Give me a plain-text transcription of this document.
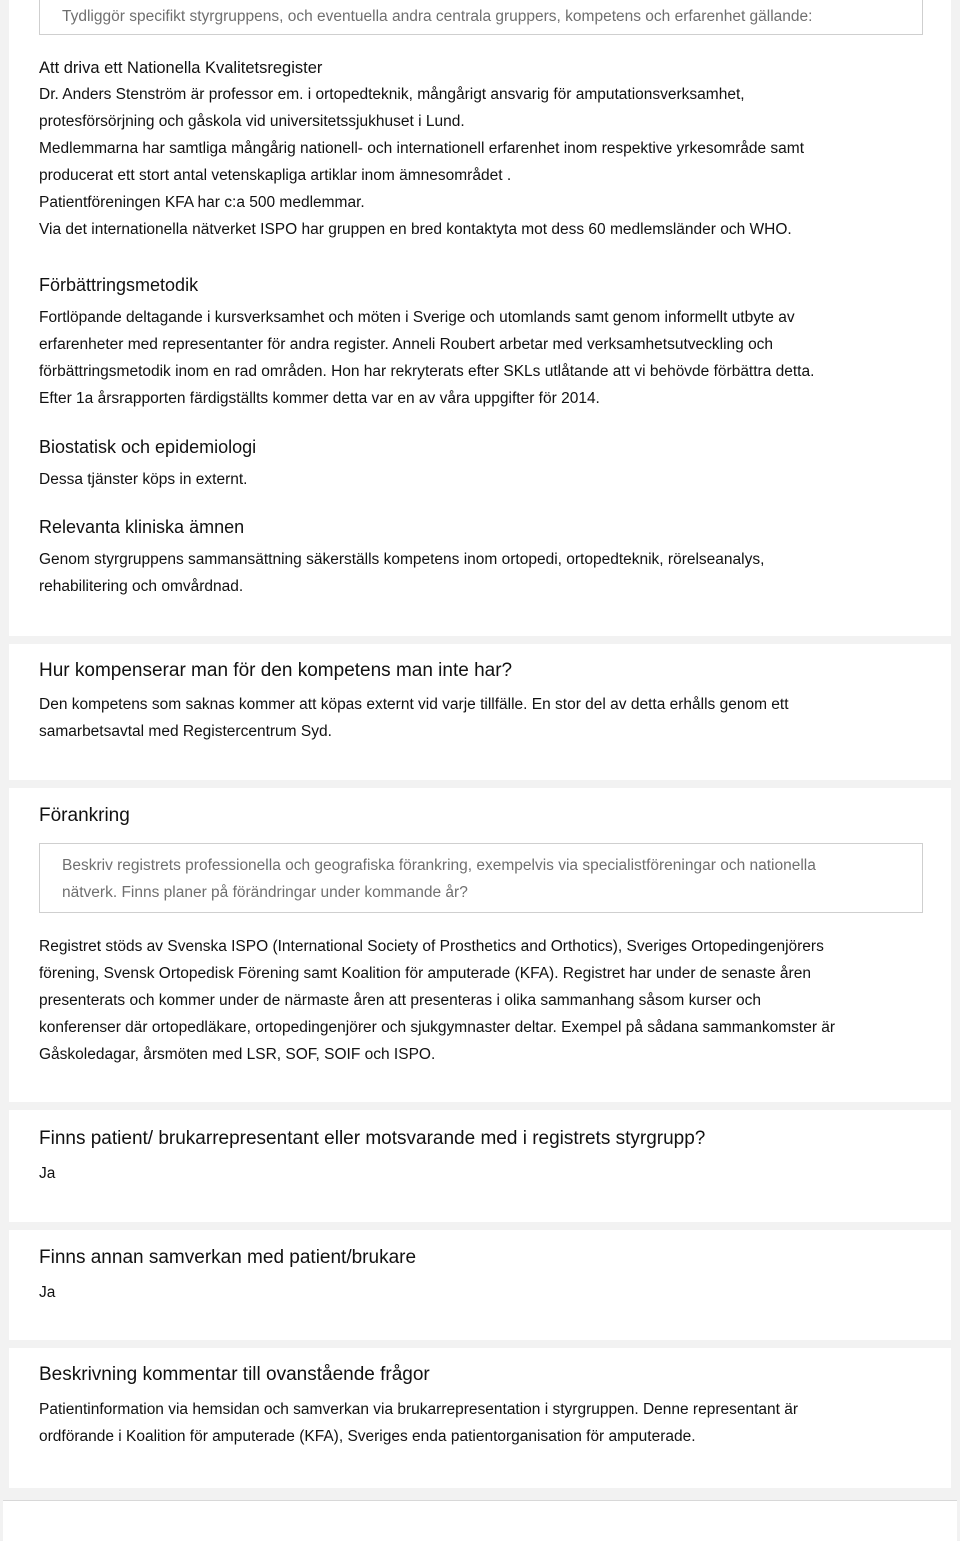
Tydliggör specifikt styrgruppens, och eventuella andra centrala gruppers, kompetens och erfarenhet gällande:
Att driva ett Nationella Kvalitetsregister
Dr. Anders Stenström är professor em. i ortopedteknik, mångårigt ansvarig för amputationsverksamhet,
protesförsörjning och gåskola vid universitetssjukhuset i Lund.
Medlemmarna har samtliga mångårig nationell- och internationell erfarenhet inom respektive yrkesområde samt
producerat ett stort antal vetenskapliga artiklar inom ämnesområdet .
Patientföreningen KFA har c:a 500 medlemmar.
Via det internationella nätverket ISPO har gruppen en bred kontaktyta mot dess 60 medlemsländer och WHO.
Förbättringsmetodik
Fortlöpande deltagande i kursverksamhet och möten i Sverige och utomlands samt genom informellt utbyte av
erfarenheter med representanter för andra register. Anneli Roubert arbetar med verksamhetsutveckling och
förbättringsmetodik inom en rad områden. Hon har rekryterats efter SKLs utlåtande att vi behövde förbättra detta.
Efter 1a årsrapporten färdigställts kommer detta var en av våra uppgifter för 2014.
Biostatisk och epidemiologi
Dessa tjänster köps in externt.
Relevanta kliniska ämnen
Genom styrgruppens sammansättning säkerställs kompetens inom ortopedi, ortopedteknik, rörelseanalys,
rehabilitering och omvårdnad.
Hur kompenserar man för den kompetens man inte har?
Den kompetens som saknas kommer att köpas externt vid varje tillfälle. En stor del av detta erhålls genom ett
samarbetsavtal med Registercentrum Syd.
Förankring
Beskriv registrets professionella och geografiska förankring, exempelvis via specialistföreningar och nationella
nätverk. Finns planer på förändringar under kommande år?
Registret stöds av Svenska ISPO (International Society of Prosthetics and Orthotics), Sveriges Ortopedingenjörers
förening, Svensk Ortopedisk Förening samt Koalition för amputerade (KFA). Registret har under de senaste åren
presenterats och kommer under de närmaste åren att presenteras i olika sammanhang såsom kurser och
konferenser där ortopedläkare, ortopedingenjörer och sjukgymnaster deltar. Exempel på sådana sammankomster är
Gåskoledagar, årsmöten med LSR, SOF, SOIF och ISPO.
Finns patient/ brukarrepresentant eller motsvarande med i registrets styrgrupp?
Ja
Finns annan samverkan med patient/brukare
Ja
Beskrivning kommentar till ovanstående frågor
Patientinformation via hemsidan och samverkan via brukarrepresentation i styrgruppen. Denne representant är
ordförande i Koalition för amputerade (KFA), Sveriges enda patientorganisation för amputerade.
